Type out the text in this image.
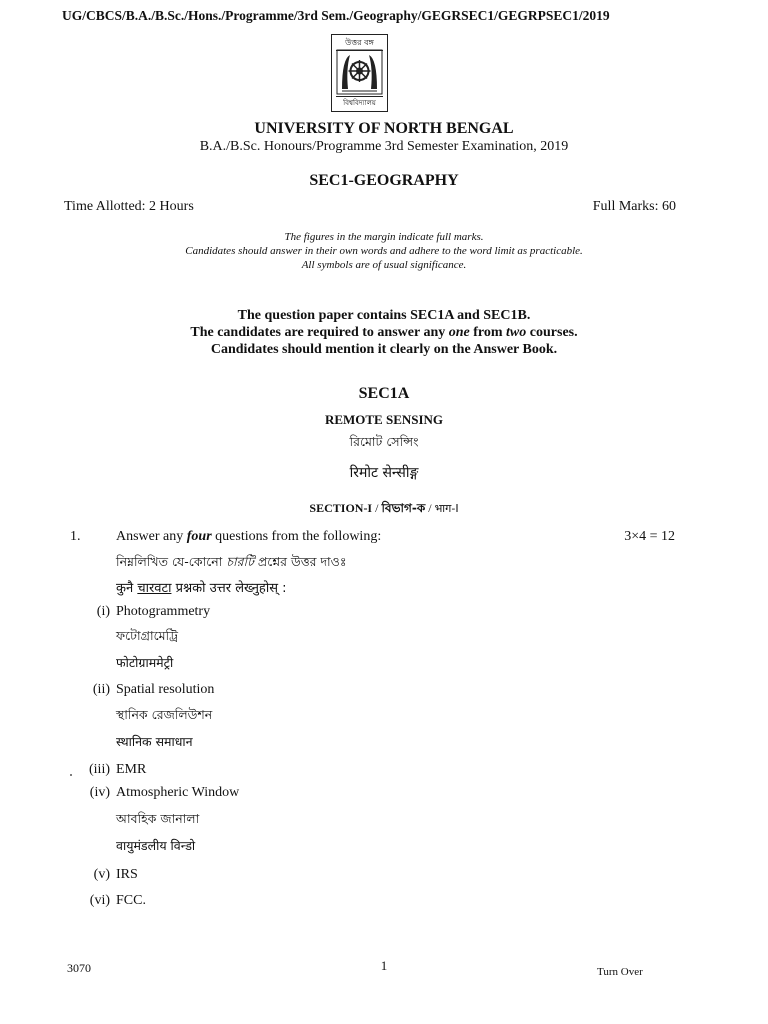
UG/CBCS/B.A./B.Sc./Hons./Programme/3rd Sem./Geography/GEGRSEC1/GEGRPSEC1/2019
উত্তর বঙ্গ
বিশ্ববিদ্যালয়
UNIVERSITY OF NORTH BENGAL
B.A./B.Sc. Honours/Programme 3rd Semester Examination, 2019
SEC1-GEOGRAPHY
Time Allotted: 2 Hours	Full Marks: 60
The figures in the margin indicate full marks.
Candidates should answer in their own words and adhere to the word limit as practicable.
All symbols are of usual significance.
The question paper contains SEC1A and SEC1B.
The candidates are required to answer any one from two courses.
Candidates should mention it clearly on the Answer Book.
SEC1A
REMOTE SENSING
রিমোট সেন্সিং
रिमोट सेन्सीङ्ग
SECTION-I / বিভাগ-ক / भाग-I
1.	Answer any four questions from the following:	3×4 = 12
নিম্নলিখিত যে-কোনো চারটি প্রশ্নের উত্তর দাওঃ
कुनै चारवटा प्रश्नको उत्तर लेख्नुहोस् :
(i) Photogrammetry
ফটোগ্রামেট্রি
फोटोग्राममेट्री
(ii) Spatial resolution
স্থানিক রেজলিউশন
स्थानिक समाधान
(iii) EMR
(iv) Atmospheric Window
আবহিক জানালা
वायुमंडलीय विन्डो
(v) IRS
(vi) FCC.
3070	1	Turn Over
